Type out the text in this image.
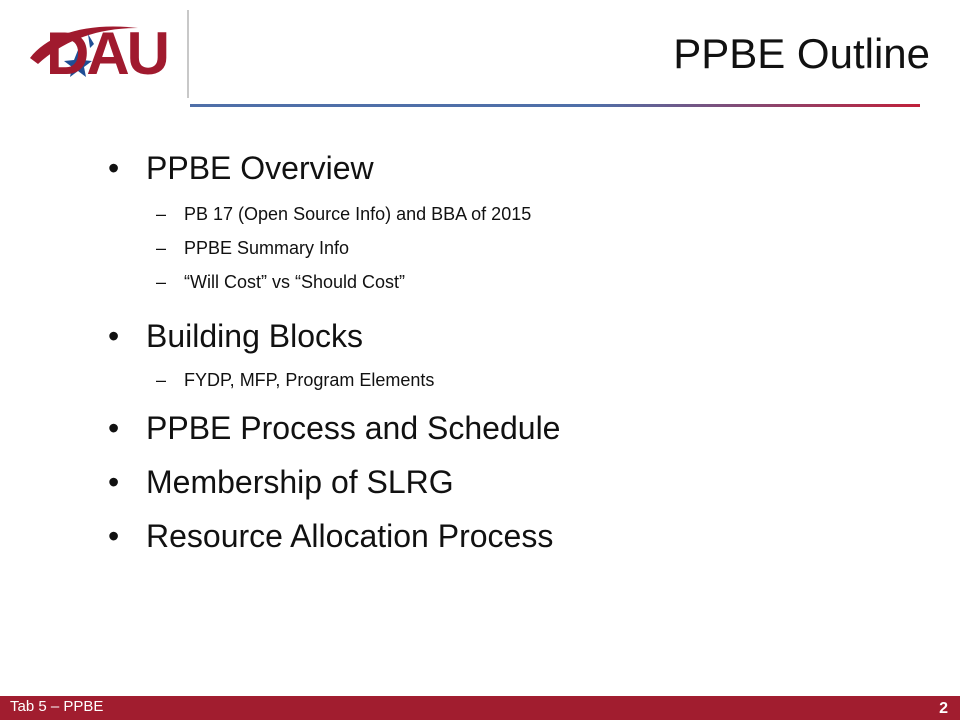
DAU	PPBE Outline

• PPBE Overview

– PB 17 (Open Source Info) and BBA of 2015

– PPBE Summary Info

– “Will Cost” vs “Should Cost”

• Building Blocks

– FYDP, MFP, Program Elements

• PPBE Process and Schedule

• Membership of SLRG

• Resource Allocation Process

Tab 5 – PPBE	2
